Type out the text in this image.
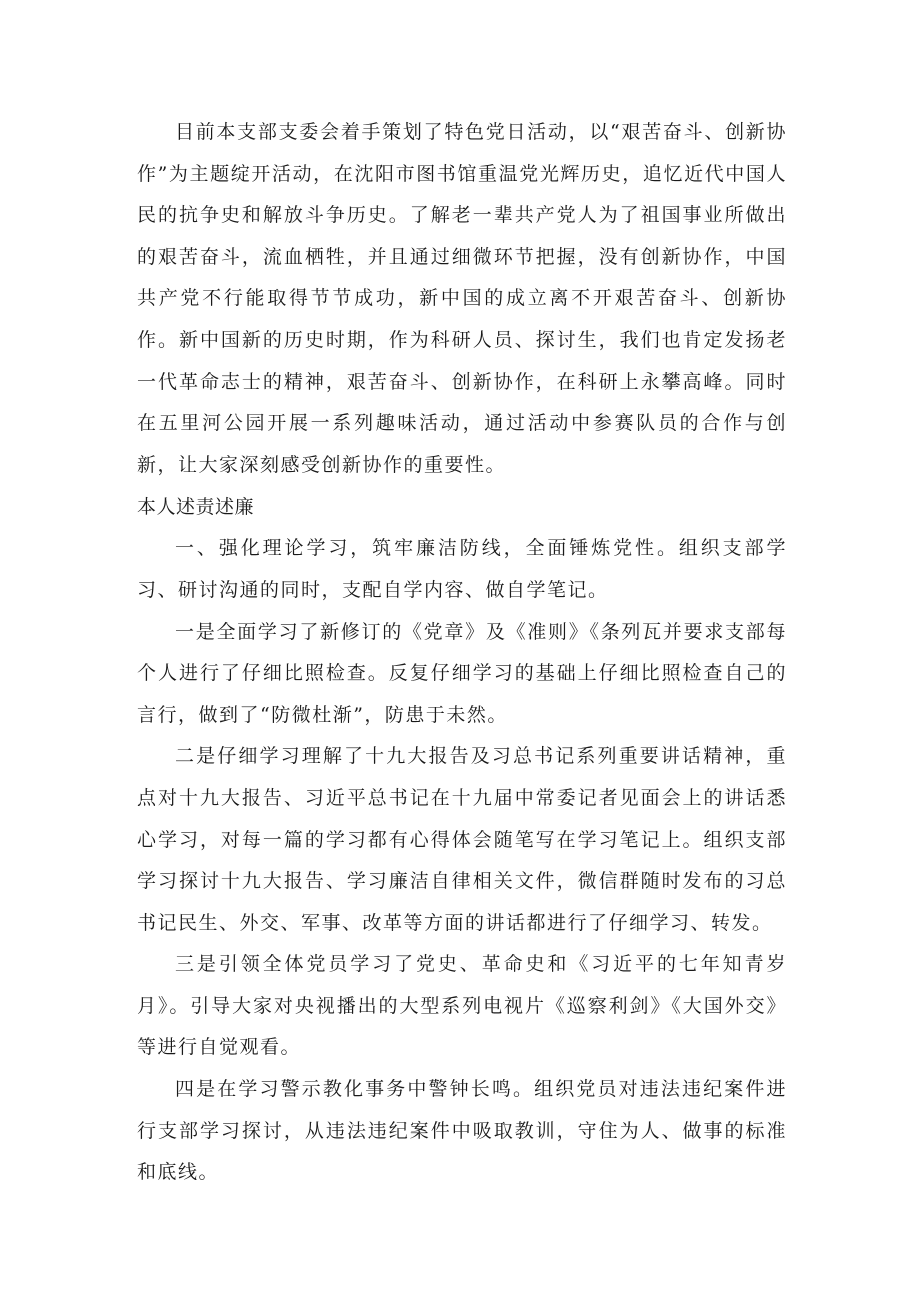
目前本支部支委会着手策划了特色党日活动，以“艰苦奋斗、创新协作”为主题绽开活动，在沈阳市图书馆重温党光辉历史，追忆近代中国人民的抗争史和解放斗争历史。了解老一辈共产党人为了祖国事业所做出的艰苦奋斗，流血栖牲，并且通过细微环节把握，没有创新协作，中国共产党不行能取得节节成功，新中国的成立离不开艰苦奋斗、创新协作。新中国新的历史时期，作为科研人员、探讨生，我们也肯定发扬老一代革命志士的精神，艰苦奋斗、创新协作，在科研上永攀高峰。同时在五里河公园开展一系列趣味活动，通过活动中参赛队员的合作与创新，让大家深刻感受创新协作的重要性。

本人述责述廉

一、强化理论学习，筑牢廉洁防线，全面锤炼党性。组织支部学习、研讨沟通的同时，支配自学内容、做自学笔记。

一是全面学习了新修订的《党章》及《准则》《条列瓦并要求支部每个人进行了仔细比照检查。反复仔细学习的基础上仔细比照检查自己的言行，做到了“防微杜渐”，防患于未然。

二是仔细学习理解了十九大报告及习总书记系列重要讲话精神，重点对十九大报告、习近平总书记在十九届中常委记者见面会上的讲话悉心学习，对每一篇的学习都有心得体会随笔写在学习笔记上。组织支部学习探讨十九大报告、学习廉洁自律相关文件，微信群随时发布的习总书记民生、外交、军事、改革等方面的讲话都进行了仔细学习、转发。

三是引领全体党员学习了党史、革命史和《习近平的七年知青岁月》。引导大家对央视播出的大型系列电视片《巡察利剑》《大国外交》等进行自觉观看。

四是在学习警示教化事务中警钟长鸣。组织党员对违法违纪案件进行支部学习探讨，从违法违纪案件中吸取教训，守住为人、做事的标准和底线。
